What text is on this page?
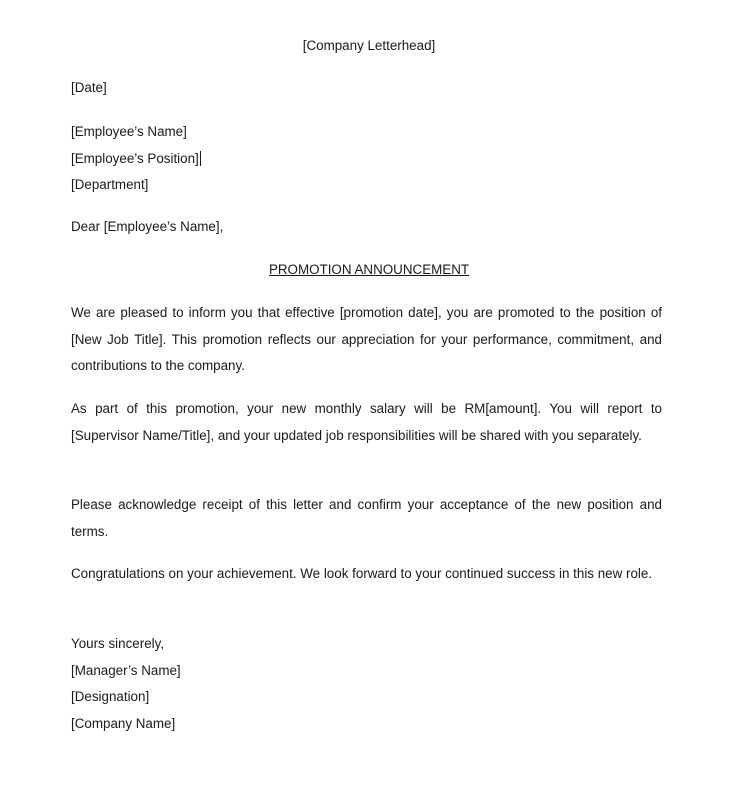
[Company Letterhead]
[Date]
[Employee’s Name]
[Employee’s Position]
[Department]
Dear [Employee’s Name],
PROMOTION ANNOUNCEMENT
We are pleased to inform you that effective [promotion date], you are promoted to the position of [New Job Title]. This promotion reflects our appreciation for your performance, commitment, and contributions to the company.
As part of this promotion, your new monthly salary will be RM[amount]. You will report to [Supervisor Name/Title], and your updated job responsibilities will be shared with you separately.
Please acknowledge receipt of this letter and confirm your acceptance of the new position and terms.
Congratulations on your achievement. We look forward to your continued success in this new role.
Yours sincerely,
[Manager’s Name]
[Designation]
[Company Name]
